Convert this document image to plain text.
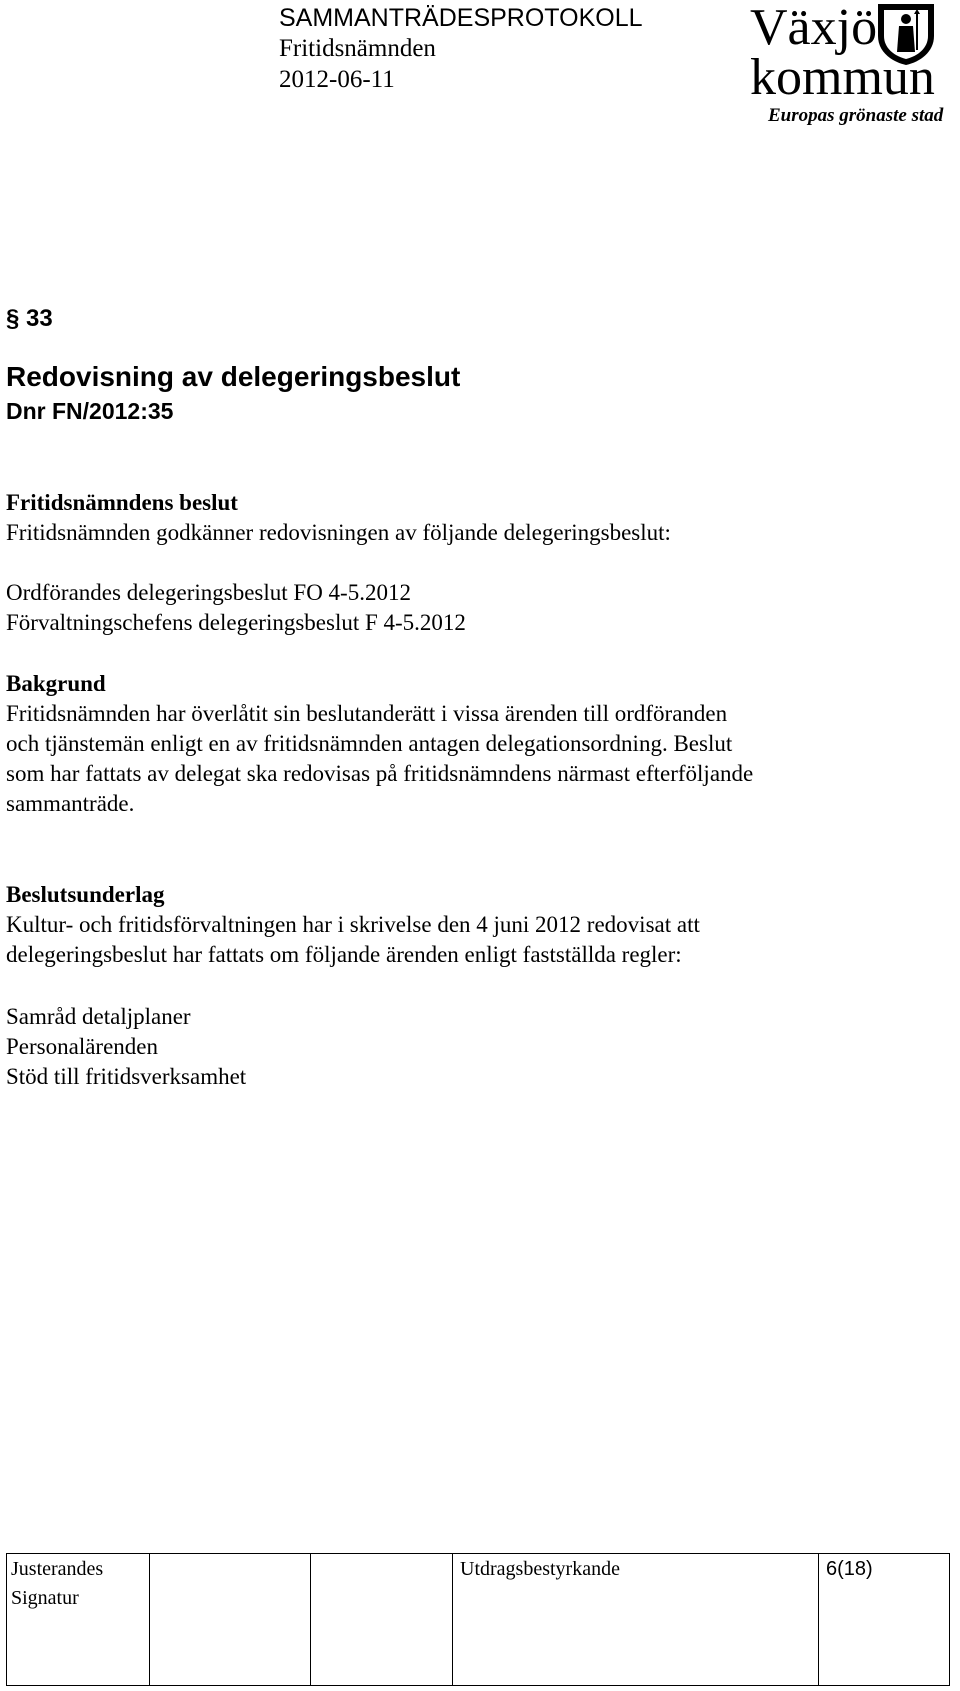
SAMMANTRÄDESPROTOKOLL
Fritidsnämnden
2012-06-11
Växjö
kommun
Europas grönaste stad
§ 33
Redovisning av delegeringsbeslut
Dnr FN/2012:35
Fritidsnämndens beslut
Fritidsnämnden godkänner redovisningen av följande delegeringsbeslut:
Ordförandes delegeringsbeslut FO 4-5.2012
Förvaltningschefens delegeringsbeslut F 4-5.2012
Bakgrund
Fritidsnämnden har överlåtit sin beslutanderätt i vissa ärenden till ordföranden
och tjänstemän enligt en av fritidsnämnden antagen delegationsordning. Beslut
som har fattats av delegat ska redovisas på fritidsnämndens närmast efterföljande
sammanträde.
Beslutsunderlag
Kultur- och fritidsförvaltningen har i skrivelse den 4 juni 2012 redovisat att
delegeringsbeslut har fattats om följande ärenden enligt fastställda regler:
Samråd detaljplaner
Personalärenden
Stöd till fritidsverksamhet
Justerandes
Signatur
Utdragsbestyrkande	6(18)
